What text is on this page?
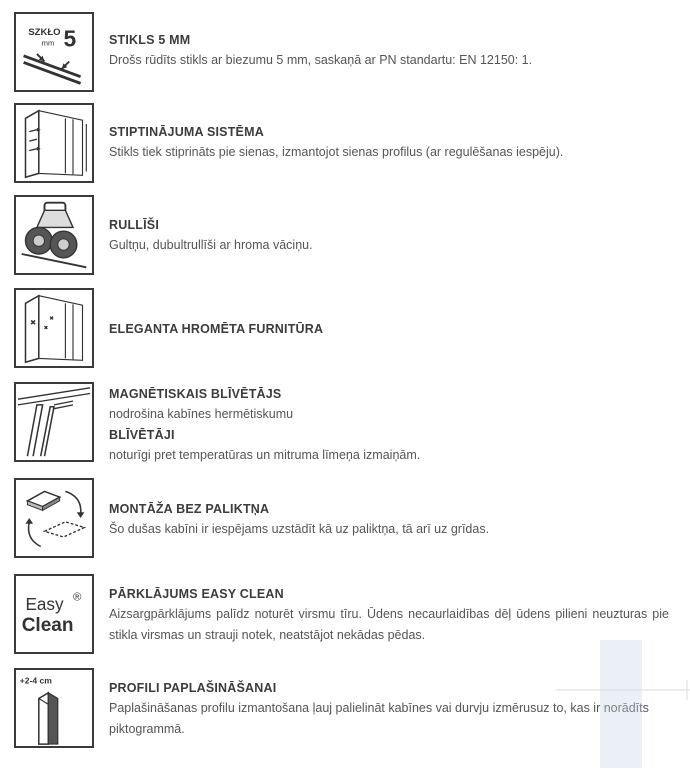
SZKŁO
mm 5	STIKLS 5 MM

Drošs rūdīts stikls ar biezumu 5 mm, saskaņā ar PN standartu: EN 12150: 1.

STIPTINĀJUMA SISTĒMA

Stikls tiek stiprināts pie sienas, izmantojot sienas profilus (ar regulēšanas iespēju).

RULLĪŠI

Gultņu, dubultrullīši ar hroma vāciņu.

ELEGANTA HROMĒTA FURNITŪRA

MAGNĒTISKAIS BLĪVĒTĀJS

nodrošina kabīnes hermētiskumu

BLĪVĒTĀJI

noturīgi pret temperatūras un mitruma līmeņa izmaiņām.

MONTĀŽA BEZ PALIKTŅA

Šo dušas kabīni ir iespējams uzstādīt kā uz paliktņa, tā arī uz grīdas.

Easy ®
Clean

PĀRKLĀJUMS EASY CLEAN

Aizsargpārklājums palīdz noturēt virsmu tīru. Ūdens necaurlaidības dēļ ūdens pilieni neuzturas pie stikla virsmas un strauji notek, neatstājot nekādas pēdas.

+2-4 cm

PROFILI PAPLAŠINĀŠANAI

Paplašināšanas profilu izmantošana ļauj palielināt kabīnes vai durvju izmērusuz to, kas ir norādīts piktogrammā.
